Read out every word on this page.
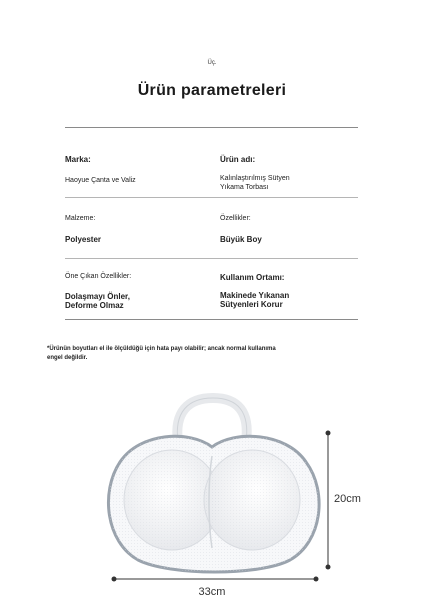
Üç.
Ürün parametreleri
Marka:
Haoyue Çanta ve Valiz
Ürün adı:
Kalınlaştırılmış Sütyen
Yıkama Torbası
Malzeme:
Polyester
Özellikler:
Büyük Boy
Öne Çıkan Özellikler:
Dolaşmayı Önler,
Deforme Olmaz
Kullanım Ortamı:
Makinede Yıkanan
Sütyenleri Korur
*Ürünün boyutları el ile ölçüldüğü için hata payı olabilir; ancak normal kullanıma
engel değildir.
20cm
33cm
